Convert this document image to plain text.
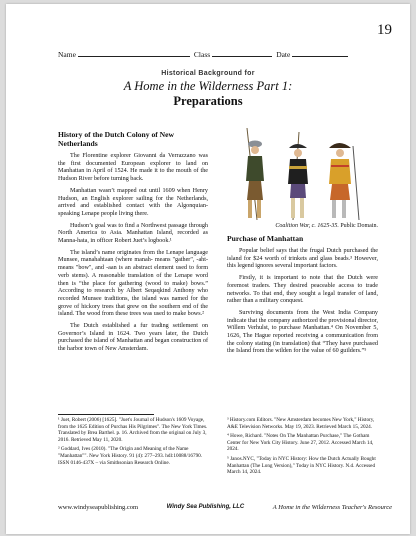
19
Name	Class	Date
Historical Background for
A Home in the Wilderness Part 1:
Preparations
History of the Dutch Colony of New Netherlands

The Florentine explorer Giovanni da Verrazzano was the first documented European explorer to land on Manhattan in April of 1524. He made it to the mouth of the Hudson River before turning back.

Manhattan wasn’t mapped out until 1609 when Henry Hudson, an English explorer sailing for the Netherlands, arrived and established contact with the Algonquian-speaking Lenape people living there.

Hudson’s goal was to find a Northwest passage through North America to Asia. Manhattan Island, recorded as Manna-hata, in officer Robert Juet’s logbook.¹

The island’s name originates from the Lenape language Munsee, manahahtaan (where manah- means "gather", -aht- means "bow", and -aan is an abstract element used to form verb stems). A reasonable translation of the Lenape word then is “the place for gathering (wood to make) bows.” According to research by Albert Seqaqkind Anthony who recorded Munsee traditions, the island was named for the grove of hickory trees that grew on the southern end of the island. The wood from these trees was used to make bows.²

The Dutch established a fur trading settlement on Governor’s Island in 1624. Two years later, the Dutch purchased the island of Manhattan and began construction of the harbor town of New Amsterdam.

Coalition War, c. 1625-35. Public Domain.
Purchase of Manhattan

Popular belief says that the frugal Dutch purchased the island for $24 worth of trinkets and glass beads.³ However, this legend ignores several important factors.

Firstly, it is important to note that the Dutch were foremost traders. They desired peaceable access to trade networks. To that end, they sought a legal transfer of land, rather than a military conquest.

Surviving documents from the West India Company indicate that the company authorized the provisional director, Willem Verhulst, to purchase Manhattan.⁴ On November 5, 1626, The Hague reported receiving a communication from the colony stating (in translation) that “They have purchased the Island from the wilden for the value of 60 guilders.”⁵

¹ Juet, Robert (2006) [1625]. "Juet's Journal of Hudson's 1609 Voyage, from the 1625 Edition of Purchas His Pilgrimes". The New York Times. Translated by Brea Barthel. p. 16. Archived from the original on July 3, 2016. Retrieved May 11, 2020.

² Goddard, Ives (2010). "The Origin and Meaning of the Name "Manhattan"". New York History. 91 (4): 277–293. hdl:10088/16790. ISSN 0146-437X – via Smithsonian Research Online.

³ History.com Editors. "New Amsterdam becomes New York," History, A&E Television Networks. May 19, 2023. Retrieved March 15, 2024.

⁴ Howe, Richard. "Notes On The Manhattan Purchase," The Gotham Center for New York City History. June 27, 2012. Accessed March 14, 2024.

⁵ Janos.NYC, "Today in NYC History: How the Dutch Actually Bought Manhattan (The Long Version)," Today in NYC History. N.d. Accessed March 14, 2024.

www.windyseapublishing.com	Windy Sea Publishing, LLC	A Home in the Wilderness Teacher's Resource
